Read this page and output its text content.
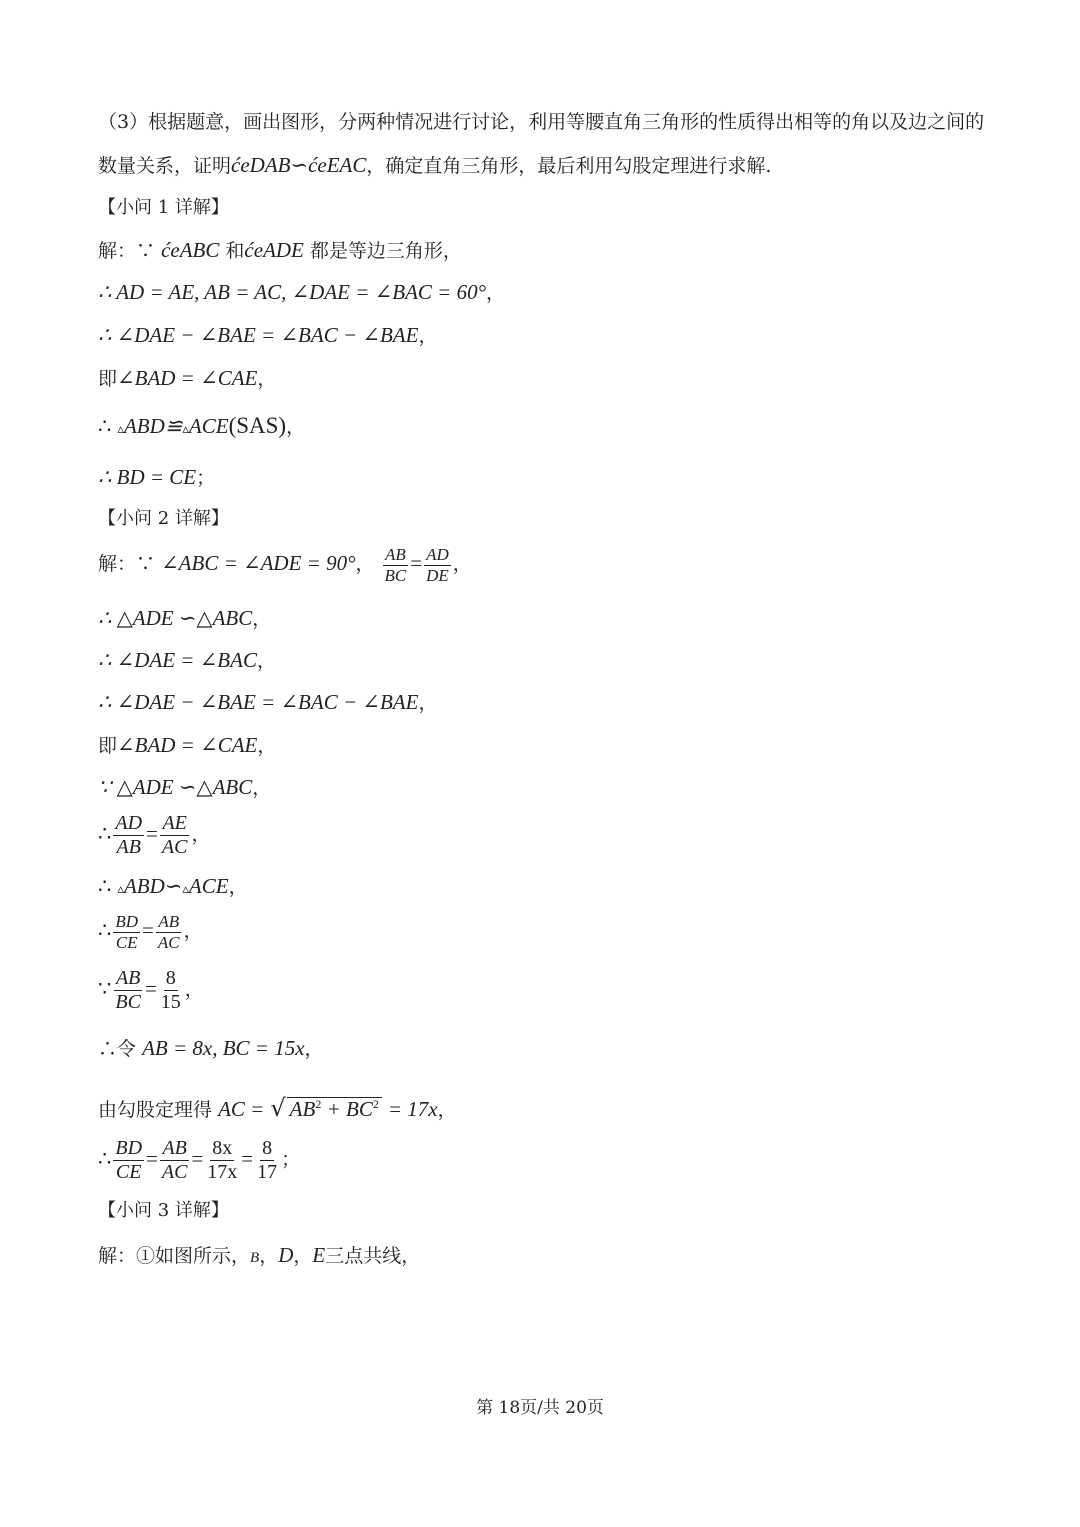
（3）根据题意，画出图形，分两种情况进行讨论，利用等腰直角三角形的性质得出相等的角以及边之间的
数量关系，证明ćeDAB∽ćeEAC，确定直角三角形，最后利用勾股定理进行求解.
【小问 1 详解】
解：∵ ćeABC 和ćeADE 都是等边三角形，
∴ AD = AE, AB = AC, ∠DAE = ∠BAC = 60°，
∴ ∠DAE − ∠BAE = ∠BAC − ∠BAE，
即∠BAD = ∠CAE，
∴ ▵ABD≌▵ACE(SAS)，
∴ BD = CE；
【小问 2 详解】
解：∵ ∠ABC = ∠ADE = 90°， $\frac{AB}{BC} = \frac{AD}{DE}$ ，
∴ △ADE ∽△ABC，
∴ ∠DAE = ∠BAC，
∴ ∠DAE − ∠BAE = ∠BAC − ∠BAE，
即∠BAD = ∠CAE，
∵ △ADE ∽△ABC，
∴ $\frac{AD}{AB} = \frac{AE}{AC}$ ，
∴ ▵ABD∽▵ACE，
∴ $\frac{BD}{CE} = \frac{AB}{AC}$ ，
∵ $\frac{AB}{BC} = \frac{8}{15}$ ，
∴令 AB = 8x, BC = 15x，
由勾股定理得 AC = √ $AB^2 + BC^2 = 17x$，
∴ $\frac{BD}{CE} = \frac{AB}{AC} = \frac{8x}{17x} = \frac{8}{17}$ ；
【小问 3 详解】
解：①如图所示，B，D，E三点共线，
第 18页/共 20页
